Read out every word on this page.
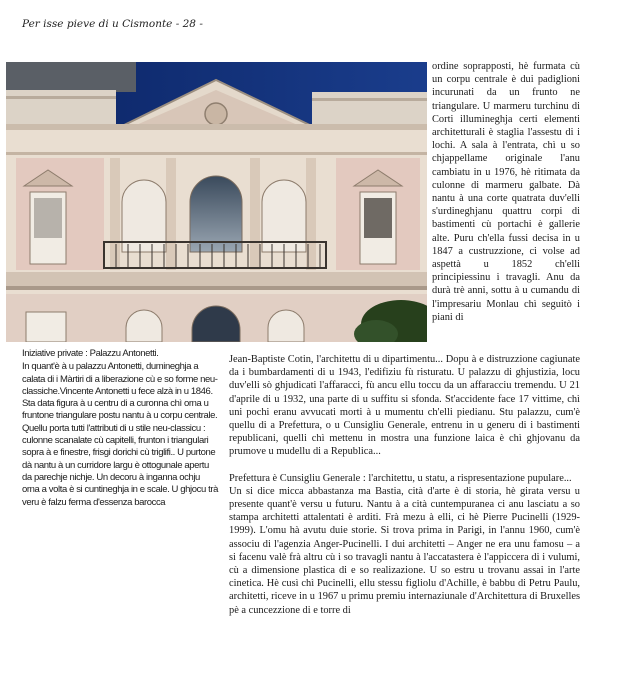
Per isse pieve di u Cismonte - 28 -

Iniziative private : Palazzu Antonetti.

In quant'è à u palazzu Antonetti, dumineghja a calata di i Màrtiri di a liberazione cù e so forme neu-classiche.Vincente Antonetti u fece alzà in u 1846. Sta data figura à u centru di a curonna chì orna u fruntone triangulare postu nantu à u corpu centrale. Quellu porta tutti l'attributi di u stile neu-classicu : culonne scanalate cù capitelli, frunton i triangulari sopra à e finestre, frisgi dorichi cù triglifi.. U purtone dà nantu à un curridore largu è ottogunale apertu da parechje nichje. Un decoru à inganna ochju orna a volta è si cuntineghja in e scale. U ghjocu trà veru è falzu ferma d'essenza barocca

ordine soprapposti, hè furmata cù un corpu centrale è dui padiglioni incurunati da un frunto ne triangulare. U marmeru turchinu di Corti illumineghja certi elementi architetturali è staglia l'assestu di i lochi. A sala à l'entrata, chì u so chjappellame originale l'anu cambiatu in u 1976, hè ritimata da culonne di marmeru galbate. Dà nantu à una corte quatrata duv'elli s'urdineghjanu quattru corpi di bastimenti cù portachi è gallerie alte. Puru ch'ella fussi decisa in u 1847 a custruzzione, ci volse ad aspettà u 1852 ch'elli principiessinu i travagli. Anu da durà trè anni, sottu à u cumandu di l'impresariu Monlau chì seguitò i piani di

Jean-Baptiste Cotin, l'architettu di u dipartimentu... Dopu à e distruzzione cagiunate da i bumbardamenti di u 1943, l'edifiziu fù risturatu. U palazzu di ghjustizia, locu duv'elli sò ghjudicati l'affaracci, fù ancu ellu toccu da un affaracciu tremendu. U 21 d'aprile di u 1932, una parte di u suffitu si sfonda. St'accidente face 17 vittime, chì uni pochi eranu avvucati morti à u mumentu ch'elli piedianu. Stu palazzu, cum'è quellu di a Prefettura, o u Cunsigliu Generale, entrenu in u generu di i bastimenti republicani, quelli chì mettenu in mostra una funzione laica è chì ghjovanu da prumove u mudellu di a Republica...

Prefettura è Cunsigliu Generale : l'architettu, u statu, a rispresentazione pupulare...

Un si dice micca abbastanza ma Bastia, cità d'arte è di storia, hè girata versu u presente quant'è versu u futuru. Nantu à a cità cuntempuranea ci anu lasciatu a so stampa architetti attalentati è arditi. Frà mezu à elli, ci hè Pierre Pucinelli (1929-1999). L'omu hà avutu duie storie. Si trova prima in Parigi, in l'annu 1960, cum'è associu di l'agenzia Anger-Pucinelli. I dui architetti – Anger ne era unu famosu – a si facenu valè frà altru cù i so travagli nantu à l'accatastera è l'appiccera di i vulumi, cù a dimensione plastica di e so realizazione. U so estru u trovanu assai in l'arte cinetica. Hè cusì chì Pucinelli, ellu stessu figliolu d'Achille, è babbu di Petru Paulu, architetti, riceve in u 1967 u primu premiu internaziunale d'Architettura di Bruxelles pè a cuncezzione di e torre di
